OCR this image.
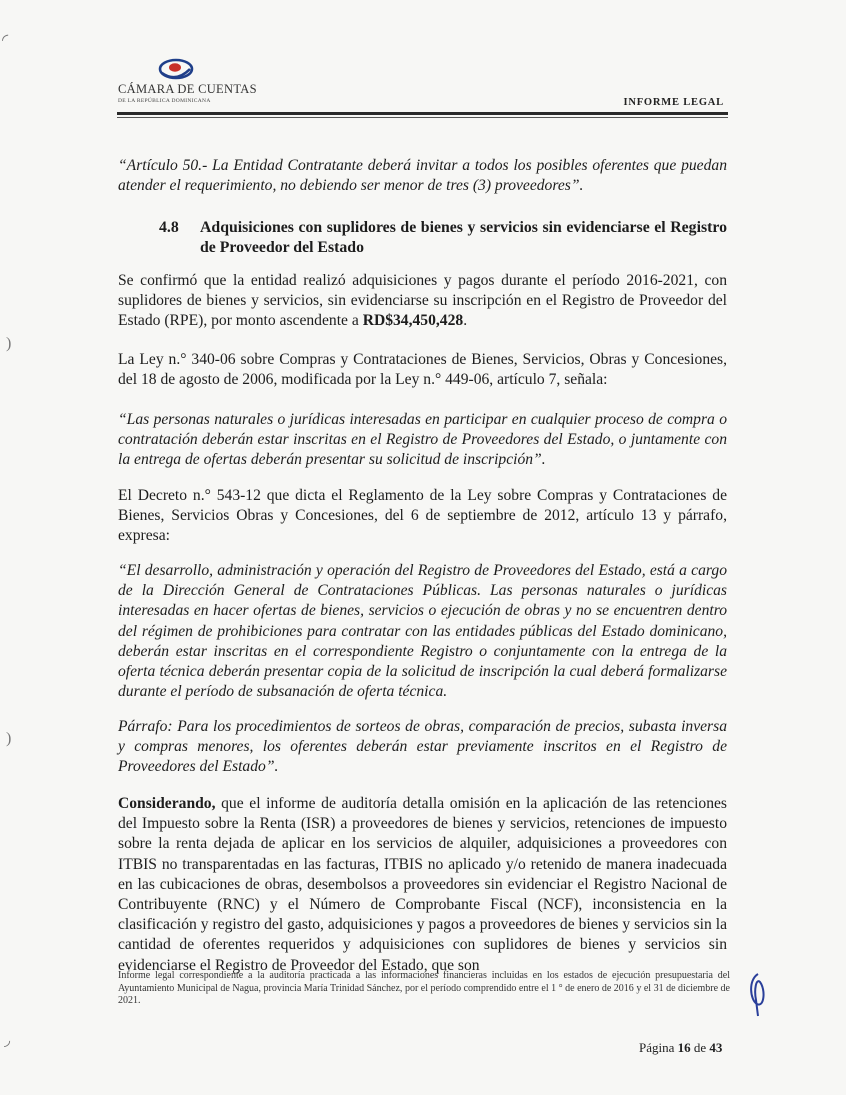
◜
)
)
◞
CÁMARA DE CUENTAS
DE LA REPÚBLICA DOMINICANA	INFORME LEGAL

“Artículo 50.- La Entidad Contratante deberá invitar a todos los posibles oferentes que puedan atender el requerimiento, no debiendo ser menor de tres (3) proveedores”.

4.8 Adquisiciones con suplidores de bienes y servicios sin evidenciarse el Registro de Proveedor del Estado

Se confirmó que la entidad realizó adquisiciones y pagos durante el período 2016-2021, con suplidores de bienes y servicios, sin evidenciarse su inscripción en el Registro de Proveedor del Estado (RPE), por monto ascendente a RD$34,450,428.

La Ley n.° 340-06 sobre Compras y Contrataciones de Bienes, Servicios, Obras y Concesiones, del 18 de agosto de 2006, modificada por la Ley n.° 449-06, artículo 7, señala:

“Las personas naturales o jurídicas interesadas en participar en cualquier proceso de compra o contratación deberán estar inscritas en el Registro de Proveedores del Estado, o juntamente con la entrega de ofertas deberán presentar su solicitud de inscripción”.

El Decreto n.° 543-12 que dicta el Reglamento de la Ley sobre Compras y Contrataciones de Bienes, Servicios Obras y Concesiones, del 6 de septiembre de 2012, artículo 13 y párrafo, expresa:

“El desarrollo, administración y operación del Registro de Proveedores del Estado, está a cargo de la Dirección General de Contrataciones Públicas. Las personas naturales o jurídicas interesadas en hacer ofertas de bienes, servicios o ejecución de obras y no se encuentren dentro del régimen de prohibiciones para contratar con las entidades públicas del Estado dominicano, deberán estar inscritas en el correspondiente Registro o conjuntamente con la entrega de la oferta técnica deberán presentar copia de la solicitud de inscripción la cual deberá formalizarse durante el período de subsanación de oferta técnica.

Párrafo: Para los procedimientos de sorteos de obras, comparación de precios, subasta inversa y compras menores, los oferentes deberán estar previamente inscritos en el Registro de Proveedores del Estado”.

Considerando, que el informe de auditoría detalla omisión en la aplicación de las retenciones del Impuesto sobre la Renta (ISR) a proveedores de bienes y servicios, retenciones de impuesto sobre la renta dejada de aplicar en los servicios de alquiler, adquisiciones a proveedores con ITBIS no transparentadas en las facturas, ITBIS no aplicado y/o retenido de manera inadecuada en las cubicaciones de obras, desembolsos a proveedores sin evidenciar el Registro Nacional de Contribuyente (RNC) y el Número de Comprobante Fiscal (NCF), inconsistencia en la clasificación y registro del gasto, adquisiciones y pagos a proveedores de bienes y servicios sin la cantidad de oferentes requeridos y adquisiciones con suplidores de bienes y servicios sin evidenciarse el Registro de Proveedor del Estado, que son

Informe legal correspondiente a la auditoría practicada a las informaciones financieras incluidas en los estados de ejecución presupuestaria del Ayuntamiento Municipal de Nagua, provincia María Trinidad Sánchez, por el período comprendido entre el 1 ° de enero de 2016 y el 31 de diciembre de 2021.
Página 16 de 43
